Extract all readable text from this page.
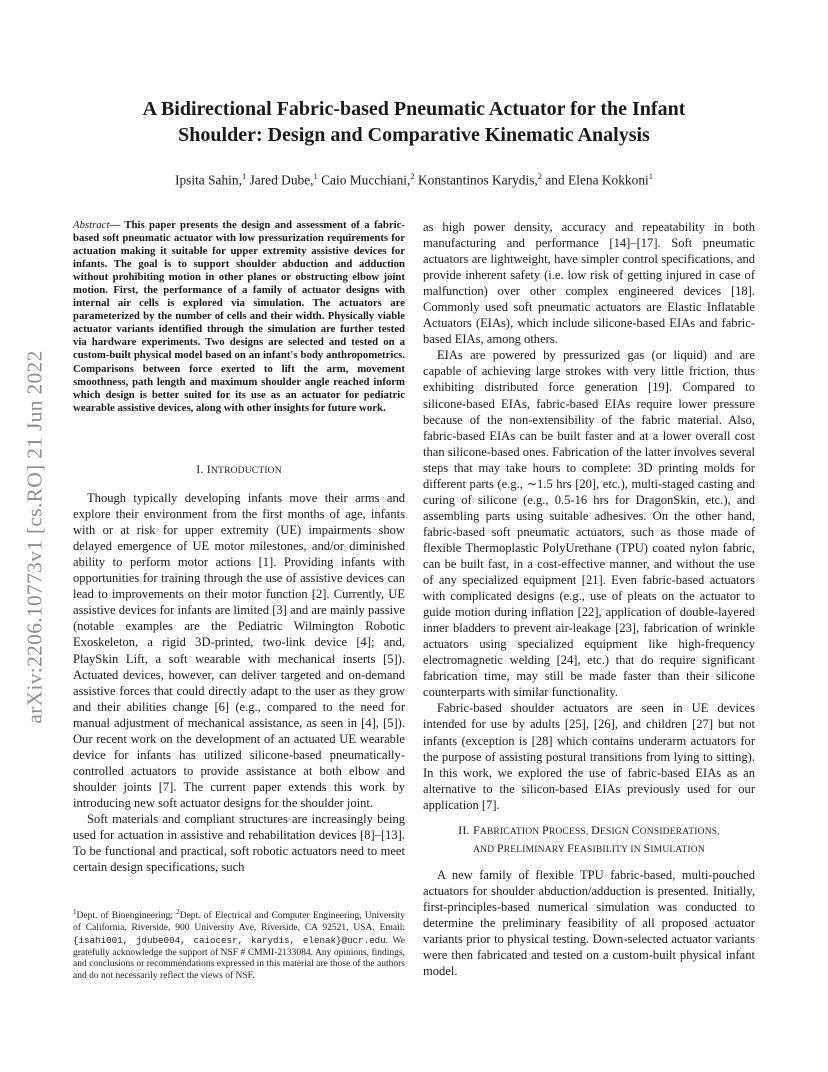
arXiv:2206.10773v1 [cs.RO] 21 Jun 2022
A Bidirectional Fabric-based Pneumatic Actuator for the Infant
Shoulder: Design and Comparative Kinematic Analysis
Ipsita Sahin,$^1$ Jared Dube,$^1$ Caio Mucchiani,$^2$ Konstantinos Karydis,$^2$ and Elena Kokkoni$^1$
Abstract— This paper presents the design and assessment of a fabric-based soft pneumatic actuator with low pressurization requirements for actuation making it suitable for upper extremity assistive devices for infants. The goal is to support shoulder abduction and adduction without prohibiting motion in other planes or obstructing elbow joint motion. First, the performance of a family of actuator designs with internal air cells is explored via simulation. The actuators are parameterized by the number of cells and their width. Physically viable actuator variants identified through the simulation are further tested via hardware experiments. Two designs are selected and tested on a custom-built physical model based on an infant's body anthropometrics. Comparisons between force exerted to lift the arm, movement smoothness, path length and maximum shoulder angle reached inform which design is better suited for its use as an actuator for pediatric wearable assistive devices, along with other insights for future work.

I. INTRODUCTION

Though typically developing infants move their arms and explore their environment from the first months of age, infants with or at risk for upper extremity (UE) impairments show delayed emergence of UE motor milestones, and/or diminished ability to perform motor actions [1]. Providing infants with opportunities for training through the use of assistive devices can lead to improvements on their motor function [2]. Currently, UE assistive devices for infants are limited [3] and are mainly passive (notable examples are the Pediatric Wilmington Robotic Exoskeleton, a rigid 3D-printed, two-link device [4]; and, PlaySkin Lift, a soft wearable with mechanical inserts [5]). Actuated devices, however, can deliver targeted and on-demand assistive forces that could directly adapt to the user as they grow and their abilities change [6] (e.g., compared to the need for manual adjustment of mechanical assistance, as seen in [4], [5]). Our recent work on the development of an actuated UE wearable device for infants has utilized silicone-based pneumatically-controlled actuators to provide assistance at both elbow and shoulder joints [7]. The current paper extends this work by introducing new soft actuator designs for the shoulder joint.

Soft materials and compliant structures are increasingly being used for actuation in assistive and rehabilitation devices [8]–[13]. To be functional and practical, soft robotic actuators need to meet certain design specifications, such

$^1$Dept. of Bioengineering; $^2$Dept. of Electrical and Computer Engineering, University of California, Riverside, 900 University Ave, Riverside, CA 92521, USA. Email:{isahi001, jdube004, caiocesr, karydis, elenak}@ucr.edu. We gratefully acknowledge the support of NSF # CMMI-2133084. Any opinions, findings, and conclusions or recommendations expressed in this material are those of the authors and do not necessarily reflect the views of NSF.

as high power density, accuracy and repeatability in both manufacturing and performance [14]–[17]. Soft pneumatic actuators are lightweight, have simpler control specifications, and provide inherent safety (i.e. low risk of getting injured in case of malfunction) over other complex engineered devices [18]. Commonly used soft pneumatic actuators are Elastic Inflatable Actuators (EIAs), which include silicone-based EIAs and fabric-based EIAs, among others.

EIAs are powered by pressurized gas (or liquid) and are capable of achieving large strokes with very little friction, thus exhibiting distributed force generation [19]. Compared to silicone-based EIAs, fabric-based EIAs require lower pressure because of the non-extensibility of the fabric material. Also, fabric-based EIAs can be built faster and at a lower overall cost than silicone-based ones. Fabrication of the latter involves several steps that may take hours to complete: 3D printing molds for different parts (e.g., ∼1.5 hrs [20], etc.), multi-staged casting and curing of silicone (e.g., 0.5-16 hrs for DragonSkin, etc.), and assembling parts using suitable adhesives. On the other hand, fabric-based soft pneumatic actuators, such as those made of flexible Thermoplastic PolyUrethane (TPU) coated nylon fabric, can be built fast, in a cost-effective manner, and without the use of any specialized equipment [21]. Even fabric-based actuators with complicated designs (e.g., use of pleats on the actuator to guide motion during inflation [22], application of double-layered inner bladders to prevent air-leakage [23], fabrication of wrinkle actuators using specialized equipment like high-frequency electromagnetic welding [24], etc.) that do require significant fabrication time, may still be made faster than their silicone counterparts with similar functionality.

Fabric-based shoulder actuators are seen in UE devices intended for use by adults [25], [26], and children [27] but not infants (exception is [28] which contains underarm actuators for the purpose of assisting postural transitions from lying to sitting). In this work, we explored the use of fabric-based EIAs as an alternative to the silicon-based EIAs previously used for our application [7].

II. FABRICATION PROCESS, DESIGN CONSIDERATIONS,
AND PRELIMINARY FEASIBILITY IN SIMULATION

A new family of flexible TPU fabric-based, multi-pouched actuators for shoulder abduction/adduction is presented. Initially, first-principles-based numerical simulation was conducted to determine the preliminary feasibility of all proposed actuator variants prior to physical testing. Down-selected actuator variants were then fabricated and tested on a custom-built physical infant model.
